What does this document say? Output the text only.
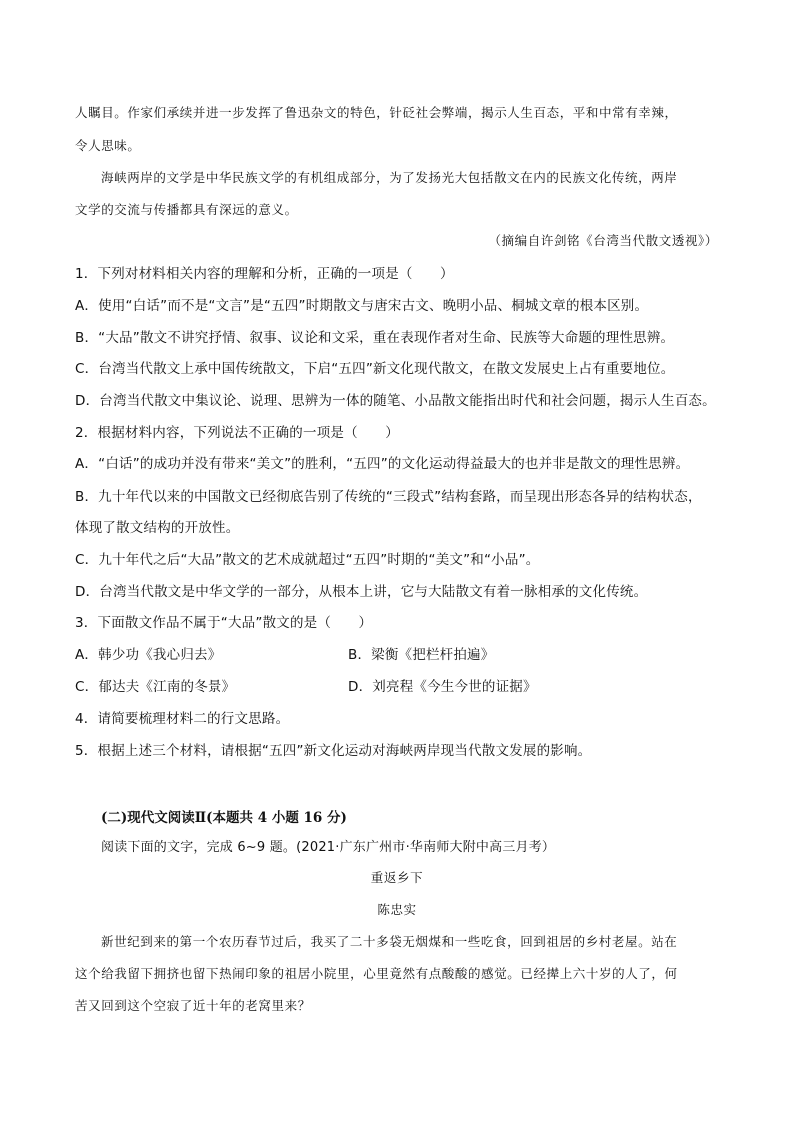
人瞩目。作家们承续并进一步发挥了鲁迅杂文的特色，针砭社会弊端，揭示人生百态，平和中常有幸辣，
令人思味。
海峡两岸的文学是中华民族文学的有机组成部分，为了发扬光大包括散文在内的民族文化传统，两岸
文学的交流与传播都具有深远的意义。
（摘编自许剑铭《台湾当代散文透视》）
1．下列对材料相关内容的理解和分析，正确的一项是（　　）
A．使用“白话”而不是“文言”是“五四”时期散文与唐宋古文、晚明小品、桐城文章的根本区别。
B．“大品”散文不讲究抒情、叙事、议论和文采，重在表现作者对生命、民族等大命题的理性思辨。
C．台湾当代散文上承中国传统散文，下启“五四”新文化现代散文，在散文发展史上占有重要地位。
D．台湾当代散文中集议论、说理、思辨为一体的随笔、小品散文能指出时代和社会问题，揭示人生百态。
2．根据材料内容，下列说法不正确的一项是（　　）
A．“白话”的成功并没有带来“美文”的胜利，“五四”的文化运动得益最大的也并非是散文的理性思辨。
B．九十年代以来的中国散文已经彻底告别了传统的“三段式”结构套路，而呈现出形态各异的结构状态，
体现了散文结构的开放性。
C．九十年代之后“大品”散文的艺术成就超过“五四”时期的“美文”和“小品”。
D．台湾当代散文是中华文学的一部分，从根本上讲，它与大陆散文有着一脉相承的文化传统。
3．下面散文作品不属于“大品”散文的是（　　）
A．韩少功《我心归去》	B．梁衡《把栏杆拍遍》
C．郁达夫《江南的冬景》	D．刘亮程《今生今世的证据》
4．请简要梳理材料二的行文思路。
5．根据上述三个材料，请根据“五四”新文化运动对海峡两岸现当代散文发展的影响。
(二)现代文阅读Ⅱ(本题共 4 小题 16 分)
阅读下面的文字，完成 6~9 题。(2021·广东广州市·华南师大附中高三月考）
重返乡下
陈忠实
新世纪到来的第一个农历春节过后，我买了二十多袋无烟煤和一些吃食，回到祖居的乡村老屋。站在
这个给我留下拥挤也留下热闹印象的祖居小院里，心里竟然有点酸酸的感觉。已经撵上六十岁的人了，何
苦又回到这个空寂了近十年的老窝里来？
